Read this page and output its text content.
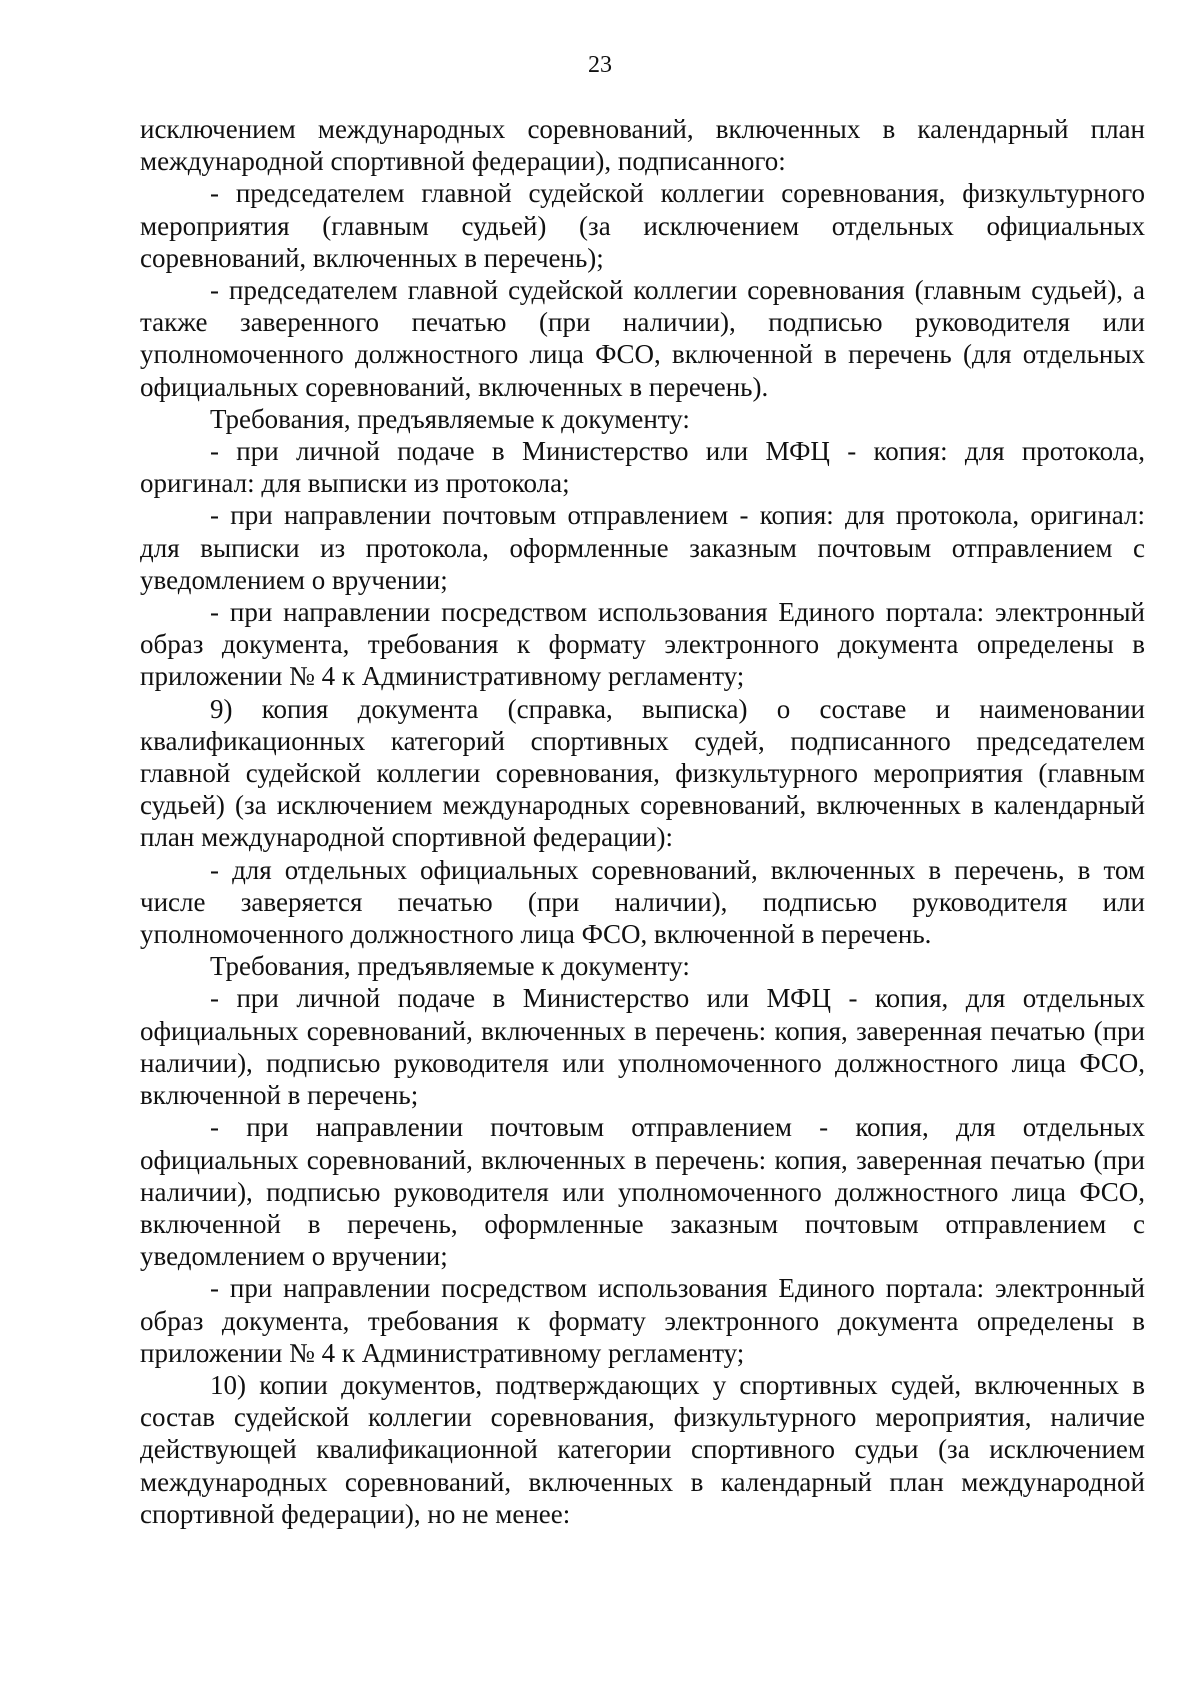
23

исключением международных соревнований, включенных в календарный план международной спортивной федерации), подписанного:

- председателем главной судейской коллегии соревнования, физкультурного мероприятия (главным судьей) (за исключением отдельных официальных соревнований, включенных в перечень);

- председателем главной судейской коллегии соревнования (главным судьей), а также заверенного печатью (при наличии), подписью руководителя или уполномоченного должностного лица ФСО, включенной в перечень (для отдельных официальных соревнований, включенных в перечень).

Требования, предъявляемые к документу:

- при личной подаче в Министерство или МФЦ - копия: для протокола, оригинал: для выписки из протокола;

- при направлении почтовым отправлением - копия: для протокола, оригинал: для выписки из протокола, оформленные заказным почтовым отправлением с уведомлением о вручении;

- при направлении посредством использования Единого портала: электронный образ документа, требования к формату электронного документа определены в приложении № 4 к Административному регламенту;

9) копия документа (справка, выписка) о составе и наименовании квалификационных категорий спортивных судей, подписанного председателем главной судейской коллегии соревнования, физкультурного мероприятия (главным судьей) (за исключением международных соревнований, включенных в календарный план международной спортивной федерации):

- для отдельных официальных соревнований, включенных в перечень, в том числе заверяется печатью (при наличии), подписью руководителя или уполномоченного должностного лица ФСО, включенной в перечень.

Требования, предъявляемые к документу:

- при личной подаче в Министерство или МФЦ - копия, для отдельных официальных соревнований, включенных в перечень: копия, заверенная печатью (при наличии), подписью руководителя или уполномоченного должностного лица ФСО, включенной в перечень;

- при направлении почтовым отправлением - копия, для отдельных официальных соревнований, включенных в перечень: копия, заверенная печатью (при наличии), подписью руководителя или уполномоченного должностного лица ФСО, включенной в перечень, оформленные заказным почтовым отправлением с уведомлением о вручении;

- при направлении посредством использования Единого портала: электронный образ документа, требования к формату электронного документа определены в приложении № 4 к Административному регламенту;

10) копии документов, подтверждающих у спортивных судей, включенных в состав судейской коллегии соревнования, физкультурного мероприятия, наличие действующей квалификационной категории спортивного судьи (за исключением международных соревнований, включенных в календарный план международной спортивной федерации), но не менее:
